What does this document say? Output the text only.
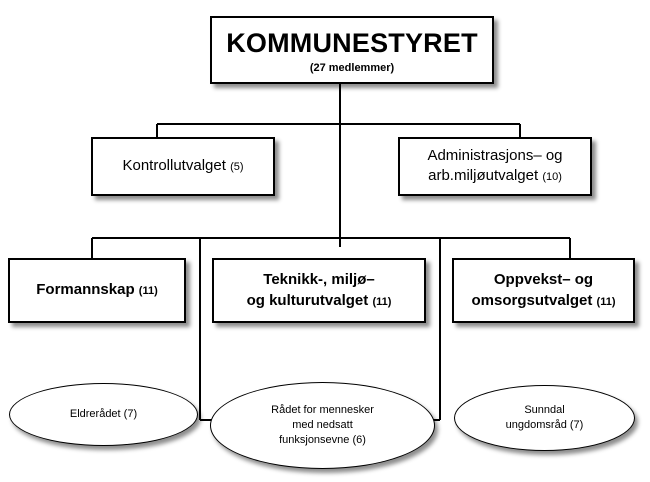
KOMMUNESTYRET
(27 medlemmer)
Kontrollutvalget (5)
Administrasjons– og
arb.miljøutvalget (10)
Formannskap (11)
Teknikk-, miljø–
og kulturutvalget (11)
Oppvekst– og
omsorgsutvalget (11)
Eldrerådet (7)	Rådet for mennesker
med nedsatt
funksjonsevne (6)
Sunndal
ungdomsråd (7)
